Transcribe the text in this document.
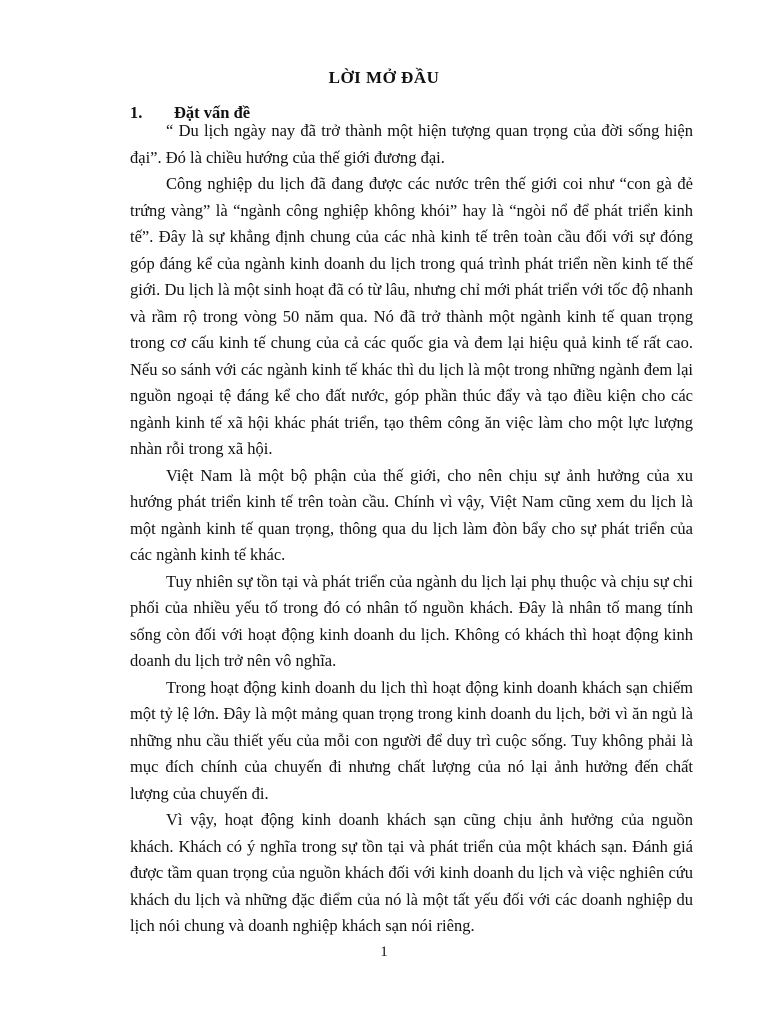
LỜI MỞ ĐẦU
1. Đặt vấn đề

“ Du lịch ngày nay đã trở thành một hiện tượng quan trọng của đời sống hiện đại”. Đó là chiều hướng của thế giới đương đại.

Công nghiệp du lịch đã đang được các nước trên thế giới coi như “con gà đẻ trứng vàng” là “ngành công nghiệp không khói” hay là “ngòi nổ để phát triển kinh tế”. Đây là sự khẳng định chung của các nhà kinh tế trên toàn cầu đối với sự đóng góp đáng kể của ngành kinh doanh du lịch trong quá trình phát triển nền kinh tế thế giới. Du lịch là một sinh hoạt đã có từ lâu, nhưng chỉ mới phát triển với tốc độ nhanh và rầm rộ trong vòng 50 năm qua. Nó đã trở thành một ngành kinh tế quan trọng trong cơ cấu kinh tế chung của cả các quốc gia và đem lại hiệu quả kinh tế rất cao. Nếu so sánh với các ngành kinh tế khác thì du lịch là một trong những ngành đem lại nguồn ngoại tệ đáng kể cho đất nước, góp phần thúc đẩy và tạo điều kiện cho các ngành kinh tế xã hội khác phát triển, tạo thêm công ăn việc làm cho một lực lượng nhàn rỗi trong xã hội.

Việt Nam là một bộ phận của thế giới, cho nên chịu sự ảnh hưởng của xu hướng phát triển kinh tế trên toàn cầu. Chính vì vậy, Việt Nam cũng xem du lịch là một ngành kinh tế quan trọng, thông qua du lịch làm đòn bẩy cho sự phát triển của các ngành kinh tế khác.

Tuy nhiên sự tồn tại và phát triển của ngành du lịch lại phụ thuộc và chịu sự chi phối của nhiều yếu tố trong đó có nhân tố nguồn khách. Đây là nhân tố mang tính sống còn đối với hoạt động kinh doanh du lịch. Không có khách thì hoạt động kinh doanh du lịch trở nên vô nghĩa.

Trong hoạt động kinh doanh du lịch thì hoạt động kinh doanh khách sạn chiếm một tỷ lệ lớn. Đây là một mảng quan trọng trong kinh doanh du lịch, bởi vì ăn ngủ là những nhu cầu thiết yếu của mỗi con người để duy trì cuộc sống. Tuy không phải là mục đích chính của chuyến đi nhưng chất lượng của nó lại ảnh hưởng đến chất lượng của chuyến đi.

Vì vậy, hoạt động kinh doanh khách sạn cũng chịu ảnh hưởng của nguồn khách. Khách có ý nghĩa trong sự tồn tại và phát triển của một khách sạn. Đánh giá được tầm quan trọng của nguồn khách đối với kinh doanh du lịch và việc nghiên cứu khách du lịch và những đặc điểm của nó là một tất yếu đối với các doanh nghiệp du lịch nói chung và doanh nghiệp khách sạn nói riêng.

1
